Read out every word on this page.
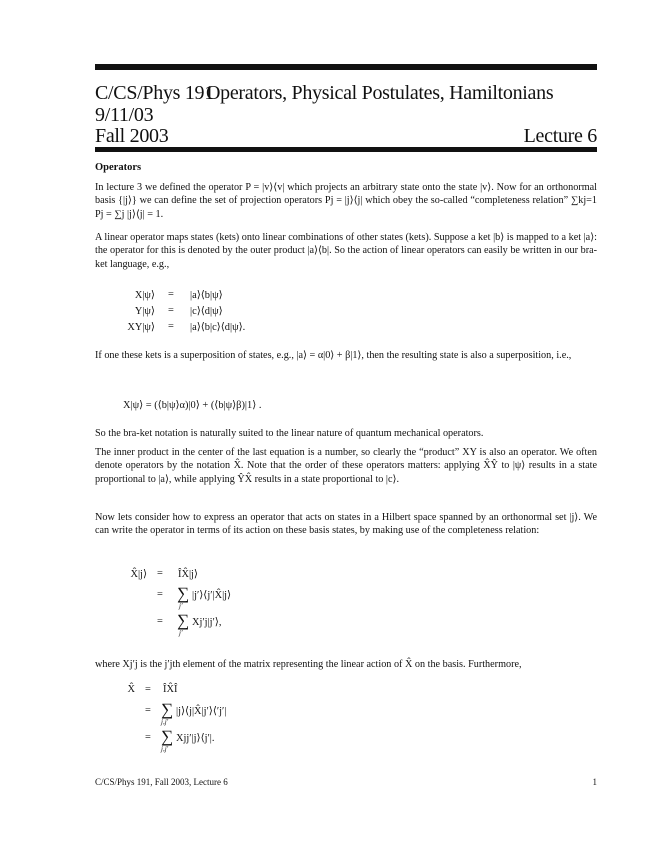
C/CS/Phys 191
9/11/03
Fall 2003
Operators, Physical Postulates, Hamiltonians
Lecture 6
Operators
In lecture 3 we defined the operator P = |v⟩⟨v| which projects an arbitrary state onto the state |v⟩. Now for an orthonormal basis {|j⟩} we can define the set of projection operators Pj = |j⟩⟨j| which obey the so-called “completeness relation” ∑kj=1 Pj = ∑j |j⟩⟨j| = 1.
A linear operator maps states (kets) onto linear combinations of other states (kets). Suppose a ket |b⟩ is mapped to a ket |a⟩: the operator for this is denoted by the outer product |a⟩⟨b|. So the action of linear operators can easily be written in our bra-ket language, e.g.,
X|ψ⟩ = |a⟩⟨b|ψ⟩
Y|ψ⟩ = |c⟩⟨d|ψ⟩
XY|ψ⟩ = |a⟩⟨b|c⟩⟨d|ψ⟩.
If one these kets is a superposition of states, e.g., |a⟩ = α|0⟩ + β|1⟩, then the resulting state is also a superposition, i.e.,
X|ψ⟩ = (⟨b|ψ⟩α)|0⟩ + (⟨b|ψ⟩β)|1⟩ .
So the bra-ket notation is naturally suited to the linear nature of quantum mechanical operators.
The inner product in the center of the last equation is a number, so clearly the “product” XY is also an operator. We often denote operators by the notation X̂. Note that the order of these operators matters: applying X̂Ŷ to |ψ⟩ results in a state proportional to |a⟩, while applying ŶX̂ results in a state proportional to |c⟩.
Now lets consider how to express an operator that acts on states in a Hilbert space spanned by an orthonormal set |j⟩. We can write the operator in terms of its action on these basis states, by making use of the completeness relation:
X̂|j⟩ = ÎX̂|j⟩
= ∑
j′
|j′⟩⟨j′|X̂|j⟩
= ∑
j′
Xj′j|j′⟩,
where Xj′j is the j′jth element of the matrix representing the linear action of X̂ on the basis. Furthermore,
X̂ = ÎX̂Î
= ∑
j,j′
|j⟩⟨j|X̂|j′⟩⟨′j′|
= ∑
j,j′
Xjj′|j⟩⟨j′|.
C/CS/Phys 191, Fall 2003, Lecture 6	1
